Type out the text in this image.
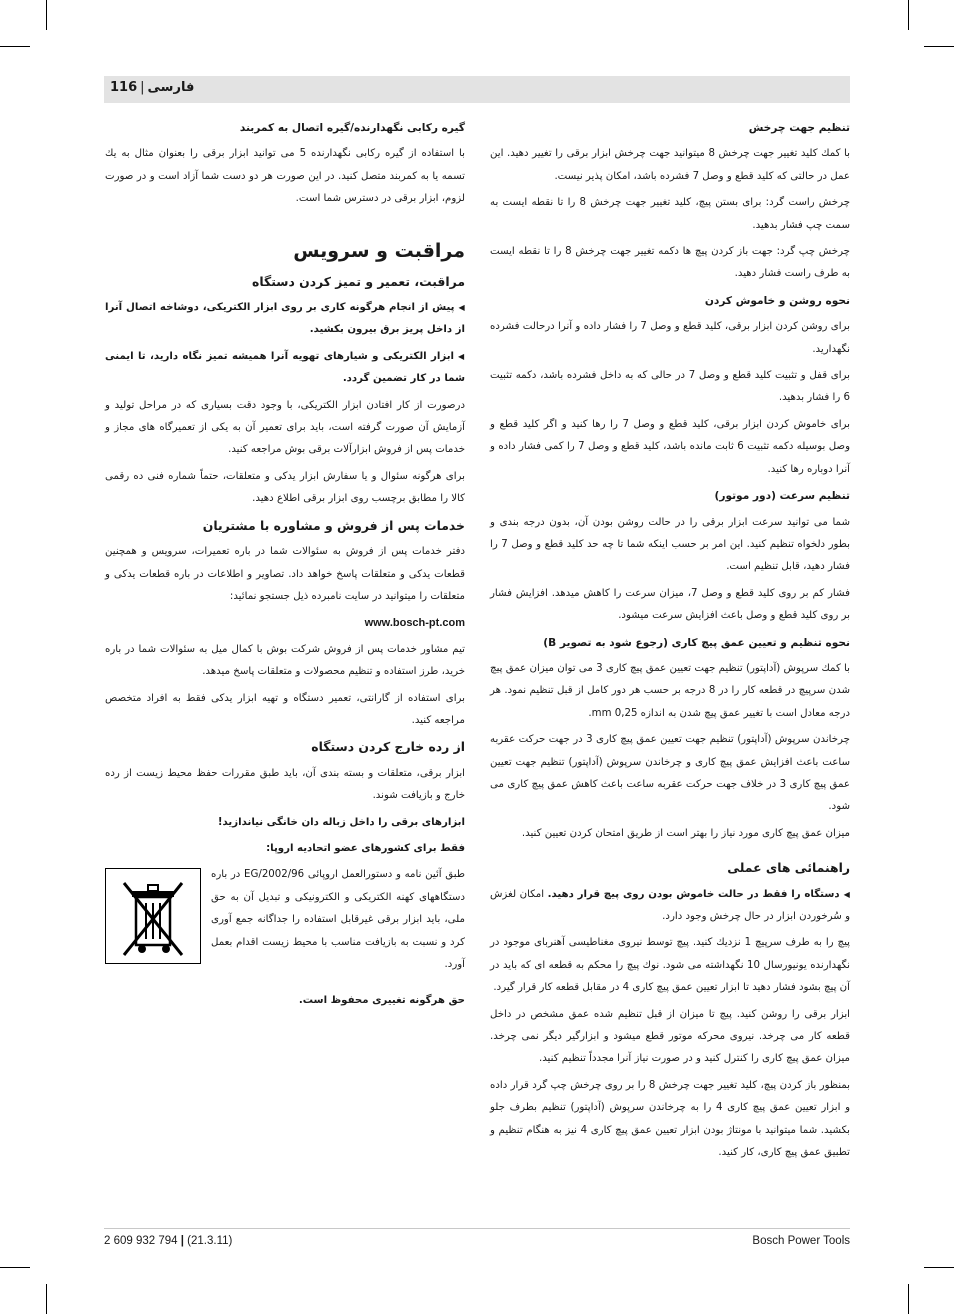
116 | فارسی

گیره رکابی نگهدارنده/گیره اتصال به کمربند

با استفاده از گیره رکابی نگهدارنده 5 می توانید ابزار برقی را بعنوان مثال به یك تسمه یا به کمربند متصل کنید. در این صورت هر دو دست شما آزاد است و در صورت لزوم، ابزار برقی در دسترس شما است.

مراقبت و سرویس

مراقبت، تعمیر و تمیز کردن دستگاه

◀پیش از انجام هرگونه کاری بر روی ابزار الکتریکی، دوشاخه اتصال آنرا از داخل پریز برق بیرون بکشید.

◀ابزار الکتریکی و شیارهای تهویه آنرا همیشه تمیز نگاه دارید، تا ایمنی شما در کار تضمین گردد.

درصورت از کار افتادن ابزار الکتریکی، با وجود دقت بسیاری که در مراحل تولید و آزمایش آن صورت گرفته است، باید برای تعمیر آن به یکی از تعمیرگاه های مجاز و خدمات پس از فروش ابزارآلات برقی بوش مراجعه کنید.

برای هرگونه سئوال و یا سفارش ابزار یدکی و متعلقات، حتماً شماره فنی ده رقمی کالا را مطابق برچسب روی ابزار برقی اطلاع دهید.

خدمات پس از فروش و مشاوره با مشتریان

دفتر خدمات پس از فروش به سئوالات شما در باره تعمیرات، سرویس و همچنین قطعات یدکی و متعلقات پاسخ خواهد داد. تصاویر و اطلاعات در باره قطعات یدکی و متعلقات را میتوانید در سایت نامبرده ذیل جستجو نمائید:

www.bosch-pt.com

تیم مشاور خدمات پس از فروش شرکت بوش با کمال میل به سئوالات شما در باره خرید، طرز استفاده و تنظیم محصولات و متعلقات پاسخ میدهد.

برای استفاده از گارانتی، تعمیر دستگاه و تهیه ابزار یدکی فقط به افراد متخصص مراجعه کنید.

از رده خارج کردن دستگاه

ابزار برقی، متعلقات و بسته بندی آن، باید طبق مقررات حفظ محیط زیست از رده خارج و بازیافت شوند.

ابزارهای برقی را داخل زباله دان خانگی نیاندازید!

فقط برای کشورهای عضو اتحادیه اروپا:

طبق آئین نامه و دستورالعمل اروپائی 2002/96/EG در باره دستگاههای کهنه الکتریکی و الکترونیکی و تبدیل آن به حق ملی، باید ابزار برقی غیرقابل استفاده را جداگانه جمع آوری کرد و نسبت به بازیافت مناسب با محیط زیست اقدام بعمل آورد.

حق هرگونه تغییری محفوظ است.

تنظیم جهت چرخش

با کمك کلید تغییر جهت چرخش 8 میتوانید جهت چرخش ابزار برقی را تغییر دهید. این عمل در حالتی که کلید قطع و وصل 7 فشرده باشد، امکان پذیر نیست.

چرخش راست گرد: برای بستن پیچ، کلید تغییر جهت چرخش 8 را تا نقطه ایست به سمت چپ فشار بدهید.

چرخش چپ گرد: جهت باز کردن پیچ ها دکمه تغییر جهت چرخش 8 را تا نقطه ایست به طرف راست فشار دهید.

نحوه روشن و خاموش کردن

برای روشن کردن ابزار برقی، کلید قطع و وصل 7 را فشار داده و آنرا درحالت فشرده نگهدارید.

برای قفل و تثبیت کلید قطع و وصل 7 در حالی که به داخل فشرده باشد، دکمه تثبیت 6 را فشار بدهید.

برای خاموش کردن ابزار برقی، کلید قطع و وصل 7 را رها کنید و اگر کلید قطع و وصل بوسیله دکمه تثبیت 6 ثابت مانده باشد، کلید قطع و وصل 7 را کمی فشار داده و آنرا دوباره رها کنید.

تنظیم سرعت (دور موتور)

شما می توانید سرعت ابزار برقی را در حالت روشن بودن آن، بدون درجه بندی و بطور دلخواه تنظیم کنید. این امر بر حسب اینکه شما تا چه حد کلید قطع و وصل 7 را فشار دهید، قابل تنظیم است.

فشار کم بر روی کلید قطع و وصل 7، میزان سرعت را کاهش میدهد. افزایش فشار بر روی کلید قطع و وصل باعث افزایش سرعت میشود.

نحوه تنظیم و تعیین عمق پیچ کاری (رجوع شود به تصویر B)

با کمك سرپوش (آداپتور) تنظیم جهت تعیین عمق پیچ کاری 3 می توان میزان عمق پیچ شدن سرپیچ در قطعه کار را در 8 درجه بر حسب هر دور کامل از قبل تنظیم نمود. هر درجه معادل است با تغییر عمق پیچ شدن به اندازه 0,25 mm.

چرخاندن سرپوش (آداپتور) تنظیم جهت تعیین عمق پیچ کاری 3 در جهت حرکت عقربه ساعت باعث افزایش عمق پیچ کاری و چرخاندن سرپوش (آداپتور) تنظیم جهت تعیین عمق پیچ کاری 3 در خلاف جهت حرکت عقربه ساعت باعث کاهش عمق پیچ کاری می شود.

میزان عمق پیچ کاری مورد نیاز را بهتر است از طریق امتحان کردن تعیین کنید.

راهنمائی های عملی

◀دستگاه را فقط در حالت خاموش بودن روی پیچ قرار دهید. امکان لغزش و سُرخوردن ابزار در حال چرخش وجود دارد.

پیچ را به طرف سرپیچ 1 نزدیك کنید. پیچ توسط نیروی مغناطیسی آهنربای موجود در نگهدارنده یونیورسال 10 نگهداشته می شود. نوك پیچ را محکم به قطعه ای که باید در آن پیچ بشود فشار دهید تا ابزار تعیین عمق پیچ کاری 4 در مقابل قطعه کار قرار گیرد.

ابزار برقی را روشن کنید. پیچ تا میزان از قبل تنظیم شده عمق مشخص در داخل قطعه کار می چرخد. نیروی محرکه موتور قطع میشود و ابزارگیر دیگر نمی چرخد. میزان عمق پیچ کاری را کنترل کنید و در صورت نیاز آنرا مجدداً تنظیم کنید.

بمنظور باز کردن پیچ، کلید تغییر جهت چرخش 8 را بر روی چرخش چپ گرد قرار داده و ابزار تعیین عمق پیچ کاری 4 را به چرخاندن سرپوش (آداپتور) تنظیم بطرف جلو بکشید. شما میتوانید با مونتاژ بودن ابزار تعیین عمق پیچ کاری 4 نیز به هنگام تنظیم و تطبیق عمق پیچ کاری، کار کنید.

2 609 932 794 | (21.3.11)	Bosch Power Tools
